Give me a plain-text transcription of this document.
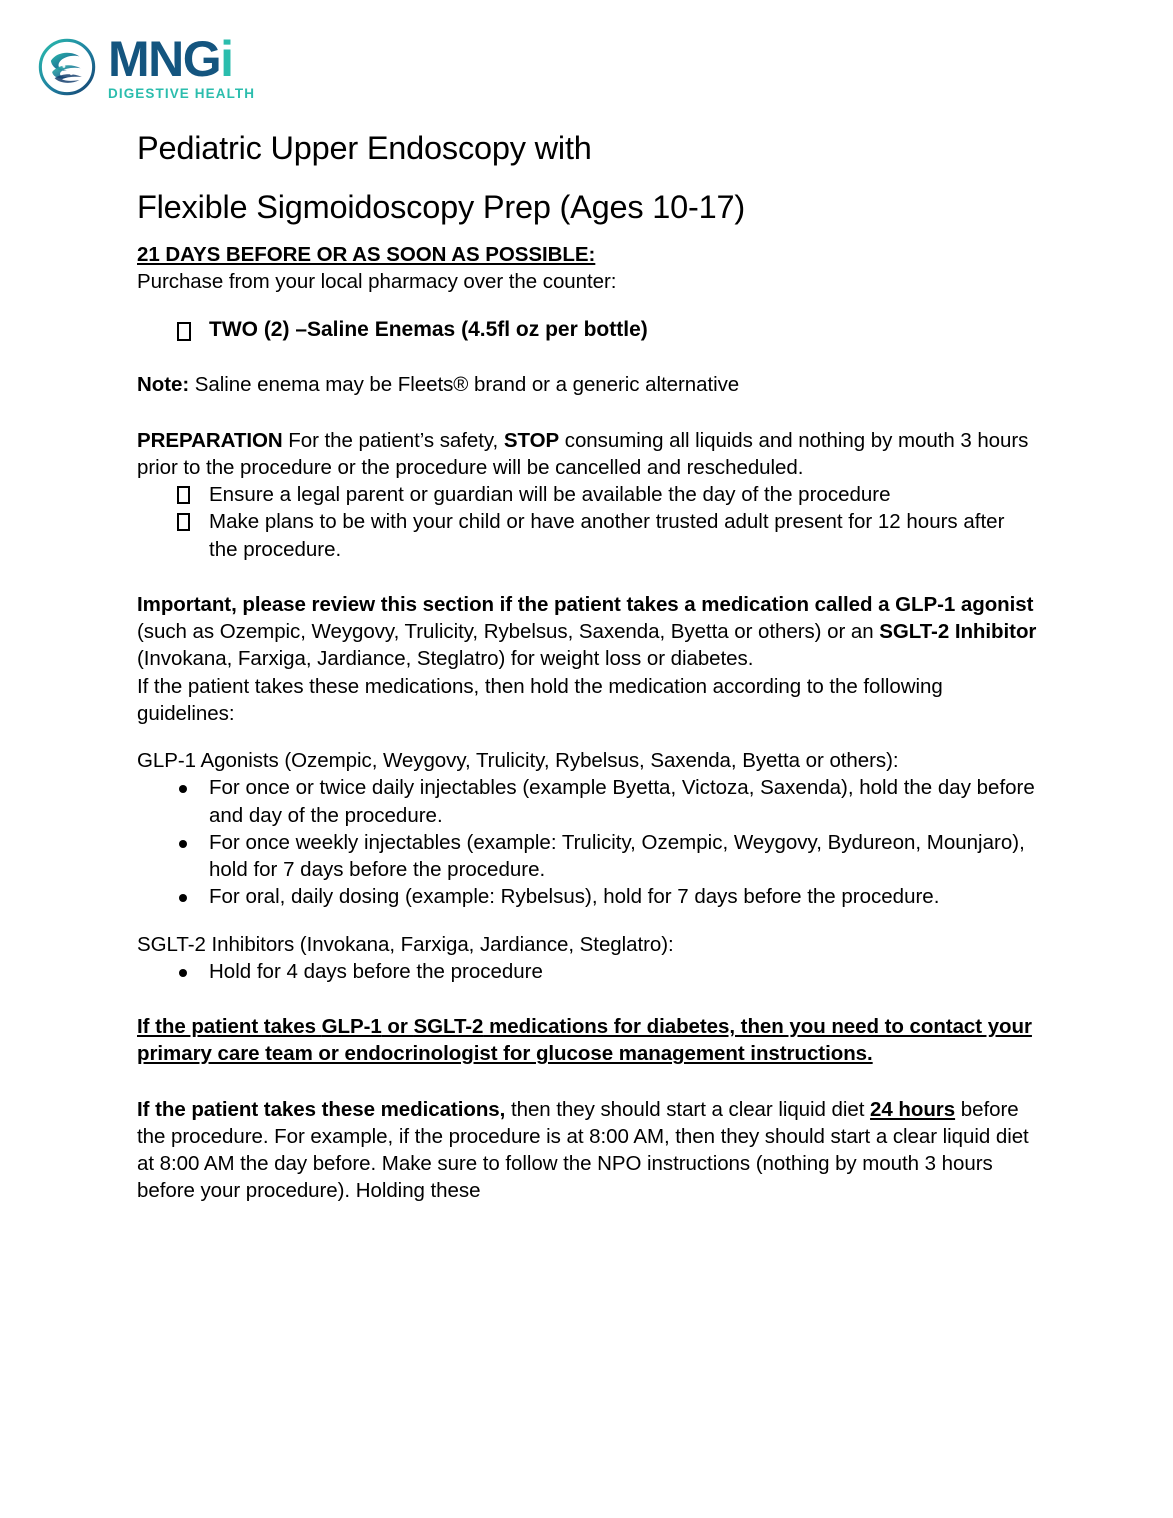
MNGi
DIGESTIVE HEALTH
Pediatric Upper Endoscopy with
Flexible Sigmoidoscopy Prep (Ages 10-17)
21 DAYS BEFORE OR AS SOON AS POSSIBLE:
Purchase from your local pharmacy over the counter:
TWO (2) –Saline Enemas (4.5fl oz per bottle)
Note: Saline enema may be Fleets® brand or a generic alternative
PREPARATION For the patient’s safety, STOP consuming all liquids and nothing by mouth 3 hours prior to the procedure or the procedure will be cancelled and rescheduled.
Ensure a legal parent or guardian will be available the day of the procedure
Make plans to be with your child or have another trusted adult present for 12 hours after the procedure.
Important, please review this section if the patient takes a medication called a GLP-1 agonist (such as Ozempic, Weygovy, Trulicity, Rybelsus, Saxenda, Byetta or others) or an SGLT-2 Inhibitor (Invokana, Farxiga, Jardiance, Steglatro) for weight loss or diabetes.
If the patient takes these medications, then hold the medication according to the following guidelines:
GLP-1 Agonists (Ozempic, Weygovy, Trulicity, Rybelsus, Saxenda, Byetta or others):
For once or twice daily injectables (example Byetta, Victoza, Saxenda), hold the day before and day of the procedure.
For once weekly injectables (example: Trulicity, Ozempic, Weygovy, Bydureon, Mounjaro), hold for 7 days before the procedure.
For oral, daily dosing (example: Rybelsus), hold for 7 days before the procedure.
SGLT-2 Inhibitors (Invokana, Farxiga, Jardiance, Steglatro):
Hold for 4 days before the procedure
If the patient takes GLP-1 or SGLT-2 medications for diabetes, then you need to contact your primary care team or endocrinologist for glucose management instructions.
If the patient takes these medications, then they should start a clear liquid diet 24 hours before the procedure. For example, if the procedure is at 8:00 AM, then they should start a clear liquid diet at 8:00 AM the day before. Make sure to follow the NPO instructions (nothing by mouth 3 hours before your procedure). Holding these
